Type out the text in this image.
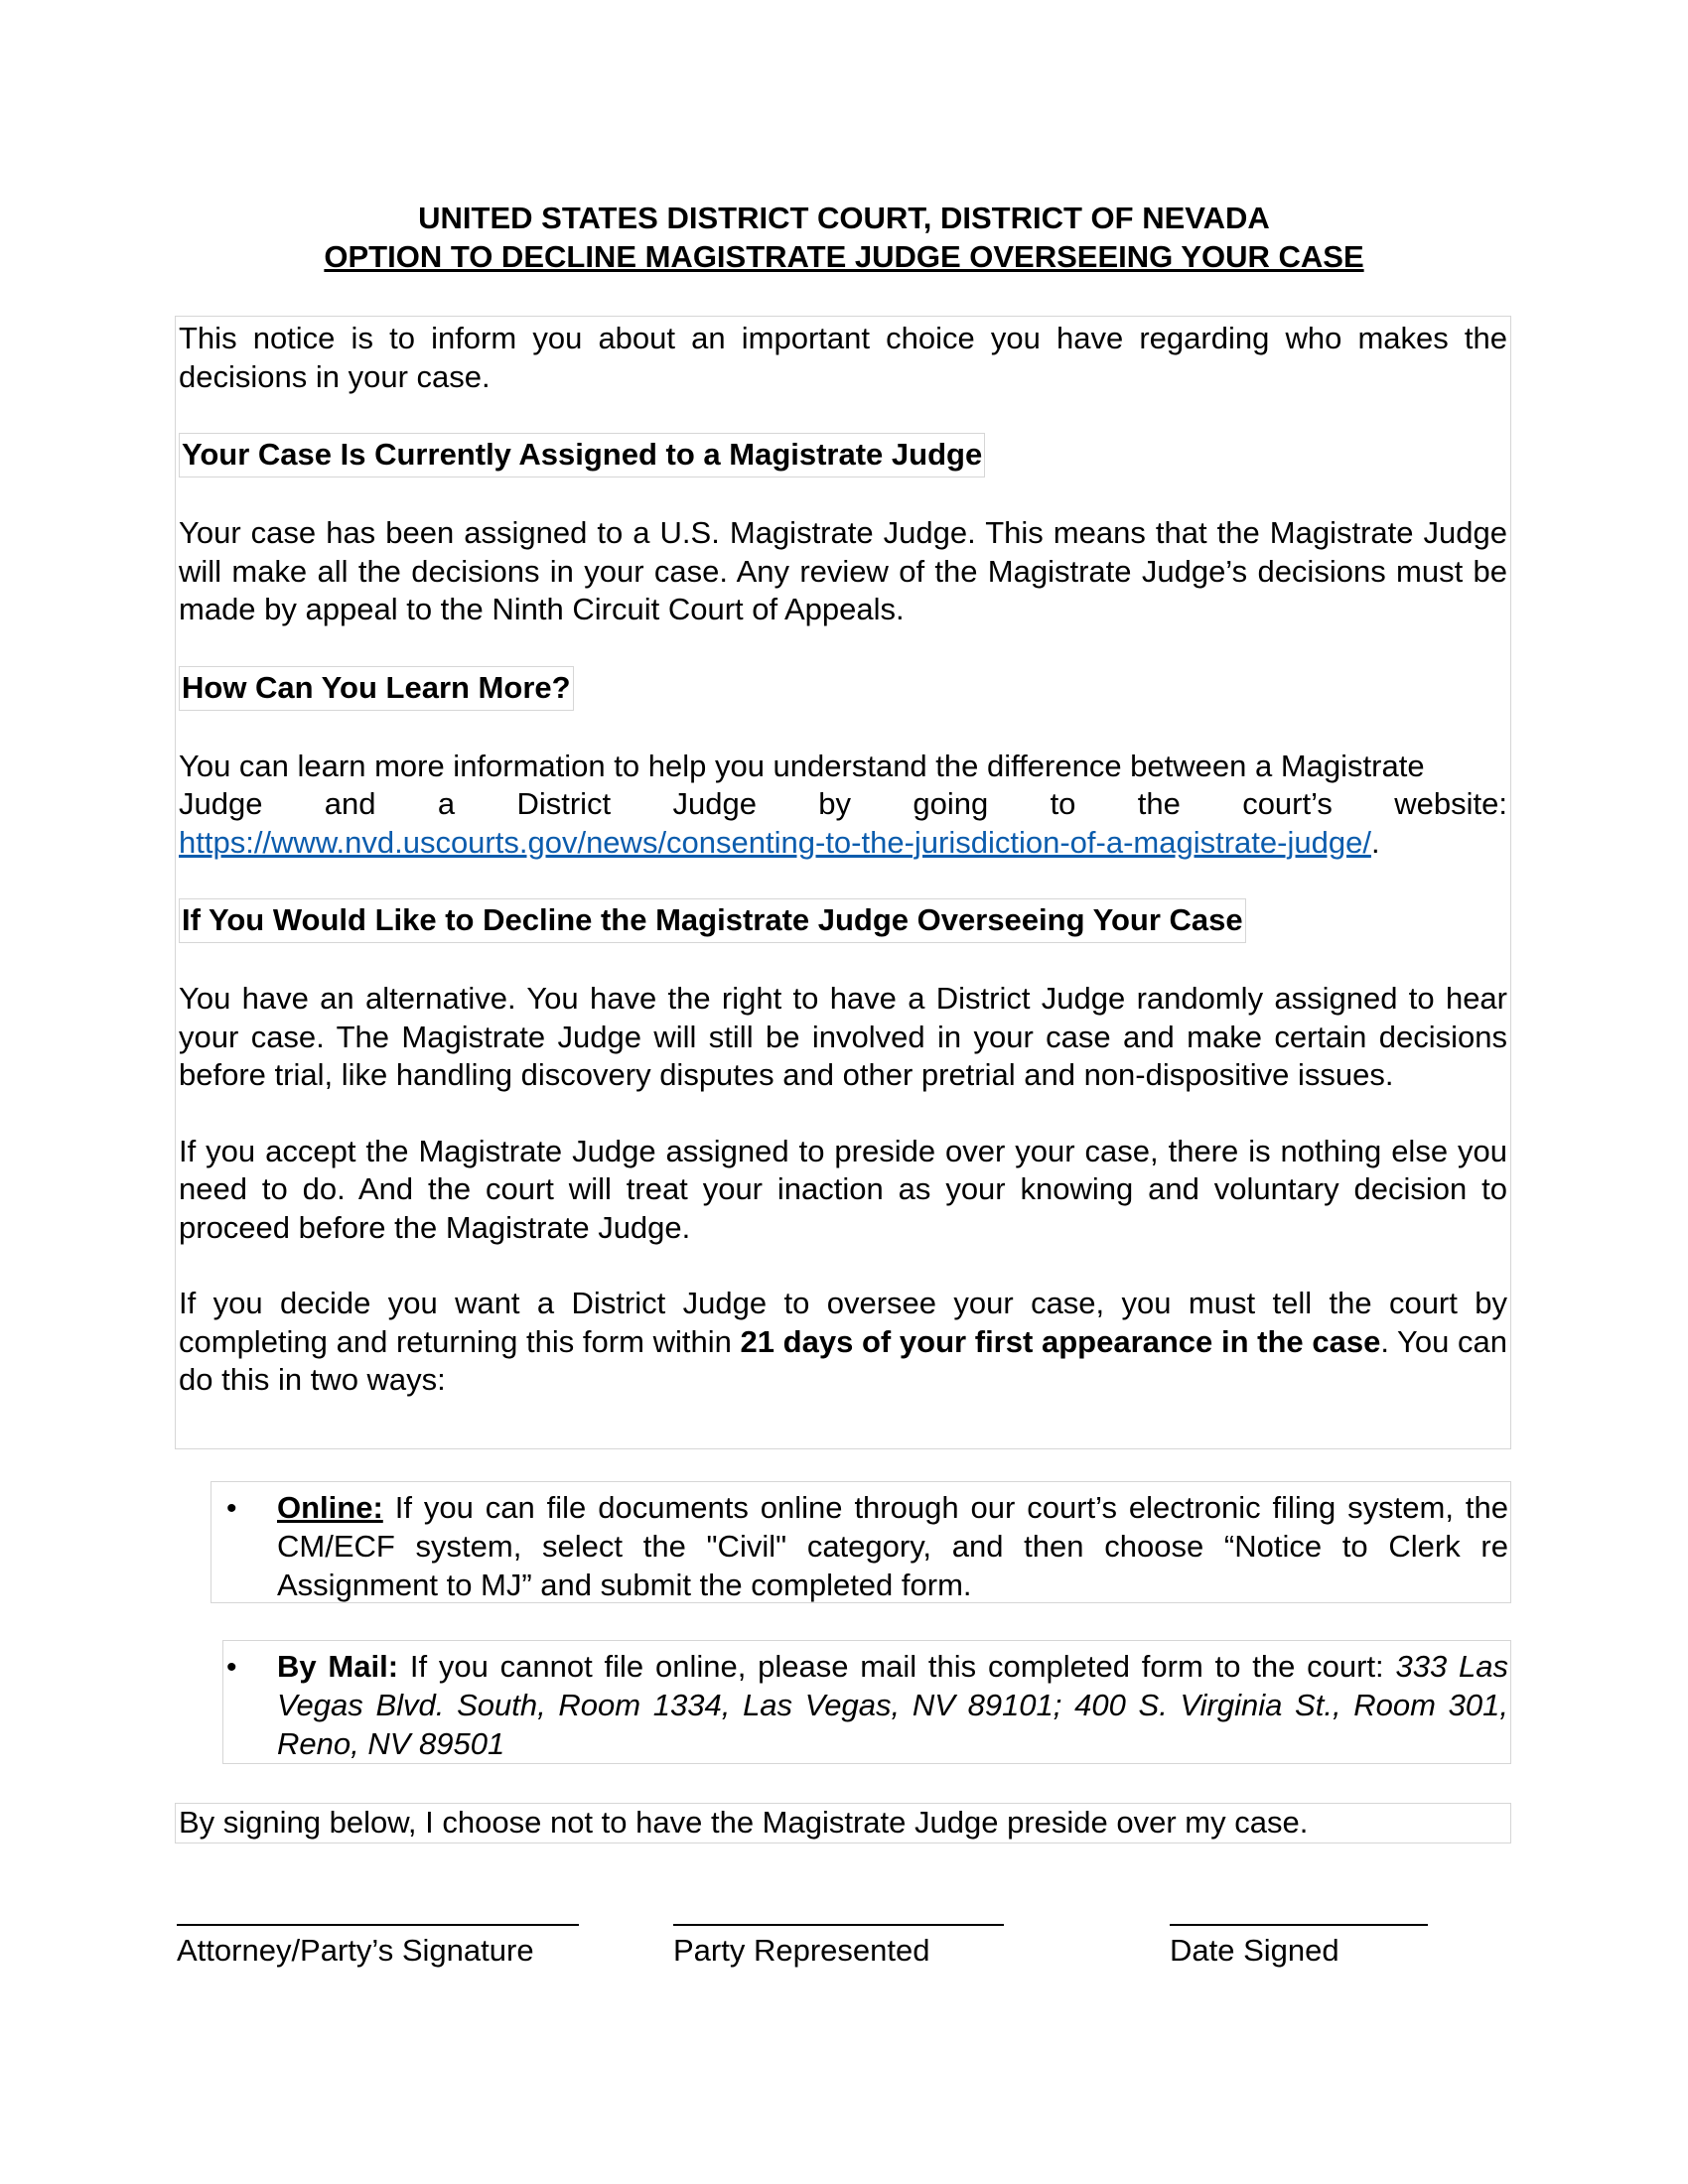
UNITED STATES DISTRICT COURT, DISTRICT OF NEVADA
OPTION TO DECLINE MAGISTRATE JUDGE OVERSEEING YOUR CASE

This notice is to inform you about an important choice you have regarding who makes the decisions in your case.

Your Case Is Currently Assigned to a Magistrate Judge

Your case has been assigned to a U.S. Magistrate Judge. This means that the Magistrate Judge will make all the decisions in your case. Any review of the Magistrate Judge’s decisions must be made by appeal to the Ninth Circuit Court of Appeals.

How Can You Learn More?
You can learn more information to help you understand the difference between a Magistrate
Judge and a District Judge by going to the court’s website:
https://www.nvd.uscourts.gov/news/consenting-to-the-jurisdiction-of-a-magistrate-judge/.
If You Would Like to Decline the Magistrate Judge Overseeing Your Case

You have an alternative. You have the right to have a District Judge randomly assigned to hear your case. The Magistrate Judge will still be involved in your case and make certain decisions before trial, like handling discovery disputes and other pretrial and non-dispositive issues.

If you accept the Magistrate Judge assigned to preside over your case, there is nothing else you need to do. And the court will treat your inaction as your knowing and voluntary decision to proceed before the Magistrate Judge.

If you decide you want a District Judge to oversee your case, you must tell the court by completing and returning this form within 21 days of your first appearance in the case. You can do this in two ways:

• Online: If you can file documents online through our court’s electronic filing system, the CM/ECF system, select the "Civil" category, and then choose “Notice to Clerk re Assignment to MJ” and submit the completed form.
• By Mail: If you cannot file online, please mail this completed form to the court: 333 Las Vegas Blvd. South, Room 1334, Las Vegas, NV 89101; 400 S. Virginia St., Room 301, Reno, NV 89501
By signing below, I choose not to have the Magistrate Judge preside over my case.
Attorney/Party’s Signature	Party Represented	Date Signed
